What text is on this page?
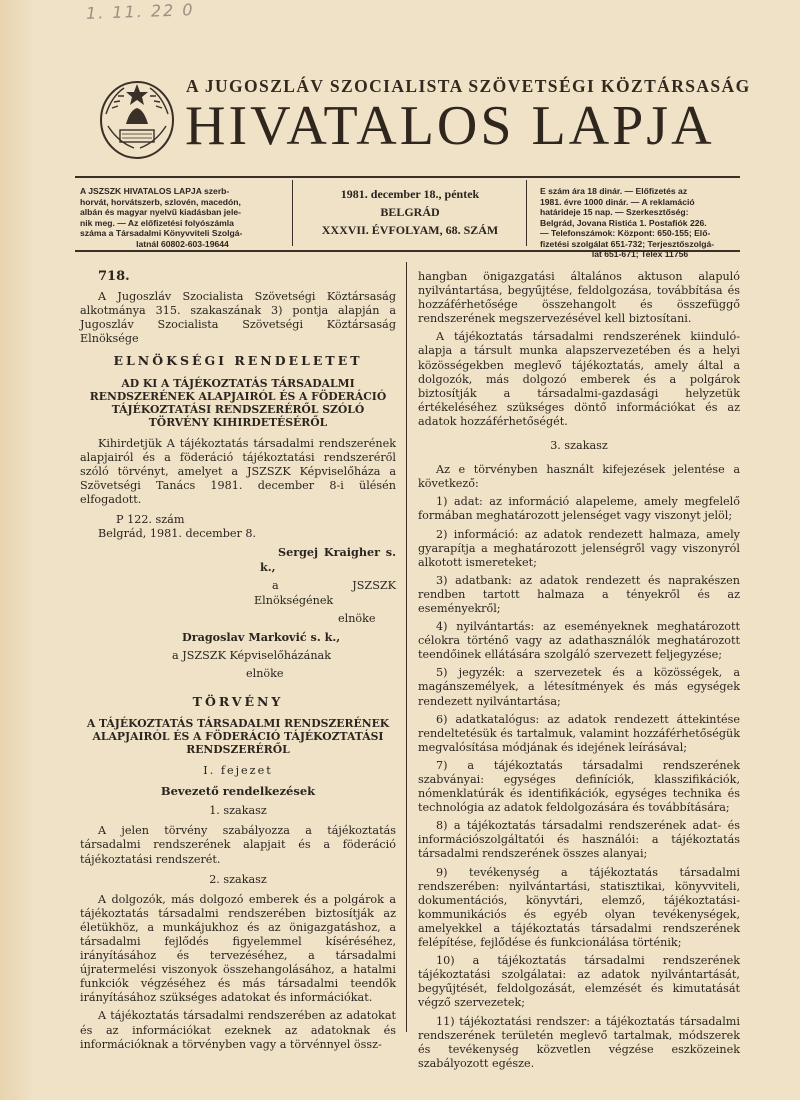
1. 11. 22 0
A JUGOSZLÁV SZOCIALISTA SZÖVETSÉGI KÖZTÁRSASÁG
HIVATALOS LAPJA
A JSZSZK HIVATALOS LAPJA szerb-
horvát, horvátszerb, szlovén, macedón,
albán és magyar nyelvű kiadásban jele-
nik meg. — Az előfizetési folyószámla
száma a Társadalmi Könyvviteli Szolgá-
latnál 60802-603-19644
1981. december 18., péntek
BELGRÁD
XXXVII. ÉVFOLYAM, 68. SZÁM
E szám ára 18 dinár. — Előfizetés az
1981. évre 1000 dinár. — A reklamáció
határideje 15 nap. — Szerkesztőség:
Belgrád, Jovana Ristića 1. Postafiók 226.
— Telefonszámok: Központ: 650-155; Elő-
fizetési szolgálat 651-732; Terjesztőszolgá-
lat 651-671; Telex 11756
718.

A Jugoszláv Szocialista Szövetségi Köztársaság alkotmánya 315. szakaszának 3) pontja alapján a Jugoszláv Szocialista Szövetségi Köztársaság Elnöksége

ELNÖKSÉGI RENDELETET
AD KI A TÁJÉKOZTATÁS TÁRSADALMI RENDSZERÉNEK ALAPJAIRÓL ÉS A FÖDERÁCIÓ TÁJÉKOZTATÁSI RENDSZERÉRŐL SZÓLÓ TÖRVÉNY KIHIRDETÉSÉRŐL

Kihirdetjük A tájékoztatás társadalmi rendszerének alapjairól és a föderáció tájékoztatási rendszeréről szóló törvényt, amelyet a JSZSZK Képviselőháza a Szövetségi Tanács 1981. december 8-i ülésén elfogadott.

P 122. szám

Belgrád, 1981. december 8.

Sergej Kraigher s. k.,

a JSZSZK Elnökségének

elnöke

Dragoslav Marković s. k.,

a JSZSZK Képviselőházának

elnöke

TÖRVÉNY
A TÁJÉKOZTATÁS TÁRSADALMI RENDSZERÉNEK ALAPJAIRÓL ÉS A FÖDERÁCIÓ TÁJÉKOZTATÁSI RENDSZERÉRŐL
I. fejezet
Bevezető rendelkezések
1. szakasz

A jelen törvény szabályozza a tájékoztatás társadalmi rendszerének alapjait és a föderáció tájékoztatási rendszerét.

2. szakasz

A dolgozók, más dolgozó emberek és a polgárok a tájékoztatás társadalmi rendszerében biztosítják az életükhöz, a munkájukhoz és az önigazgatáshoz, a társadalmi fejlődés figyelemmel kíséréséhez, irányításához és tervezéséhez, a társadalmi újratermelési viszonyok összehangolásához, a hatalmi funkciók végzéséhez és más társadalmi teendők irányításához szükséges adatokat és információkat.

A tájékoztatás társadalmi rendszerében az adatokat és az információkat ezeknek az adatoknak és információknak a törvényben vagy a törvénnyel össz-

hangban önigazgatási általános aktuson alapuló nyilvántartása, begyűjtése, feldolgozása, továbbítása és hozzáférhetősége összehangolt és összefüggő rendszerének megszervezésével kell biztosítani.

A tájékoztatás társadalmi rendszerének kiinduló-alapja a társult munka alapszervezetében és a helyi közösségekben meglevő tájékoztatás, amely által a dolgozók, más dolgozó emberek és a polgárok biztosítják a társadalmi-gazdasági helyzetük értékeléséhez szükséges döntő információkat és az adatok hozzáférhetőségét.

3. szakasz

Az e törvényben használt kifejezések jelentése a következő:

1) adat: az információ alapeleme, amely megfelelő formában meghatározott jelenséget vagy viszonyt jelöl;

2) információ: az adatok rendezett halmaza, amely gyarapítja a meghatározott jelenségről vagy viszonyról alkotott ismereteket;

3) adatbank: az adatok rendezett és naprakészen rendben tartott halmaza a tényekről és az eseményekről;

4) nyilvántartás: az eseményeknek meghatározott célokra történő vagy az adathasználók meghatározott teendőinek ellátására szolgáló szervezett feljegyzése;

5) jegyzék: a szervezetek és a közösségek, a magánszemélyek, a létesítmények és más egységek rendezett nyilvántartása;

6) adatkatalógus: az adatok rendezett áttekintése rendeltetésük és tartalmuk, valamint hozzáférhetőségük megvalósítása módjának és idejének leírásával;

7) a tájékoztatás társadalmi rendszerének szabványai: egységes definíciók, klasszifikációk, nómenklatúrák és identifikációk, egységes technika és technológia az adatok feldolgozására és továbbítására;

8) a tájékoztatás társadalmi rendszerének adat- és információszolgáltatói és használói: a tájékoztatás társadalmi rendszerének összes alanyai;

9) tevékenység a tájékoztatás társadalmi rendszerében: nyilvántartási, statisztikai, könyvviteli, dokumentációs, könyvtári, elemző, tájékoztatási-kommunikációs és egyéb olyan tevékenységek, amelyekkel a tájékoztatás társadalmi rendszerének felépítése, fejlődése és funkcionálása történik;

10) a tájékoztatás társadalmi rendszerének tájékoztatási szolgálatai: az adatok nyilvántartását, begyűjtését, feldolgozását, elemzését és kimutatását végző szervezetek;

11) tájékoztatási rendszer: a tájékoztatás társadalmi rendszerének területén meglevő tartalmak, módszerek és tevékenység közvetlen végzése eszközeinek szabályozott egésze.
